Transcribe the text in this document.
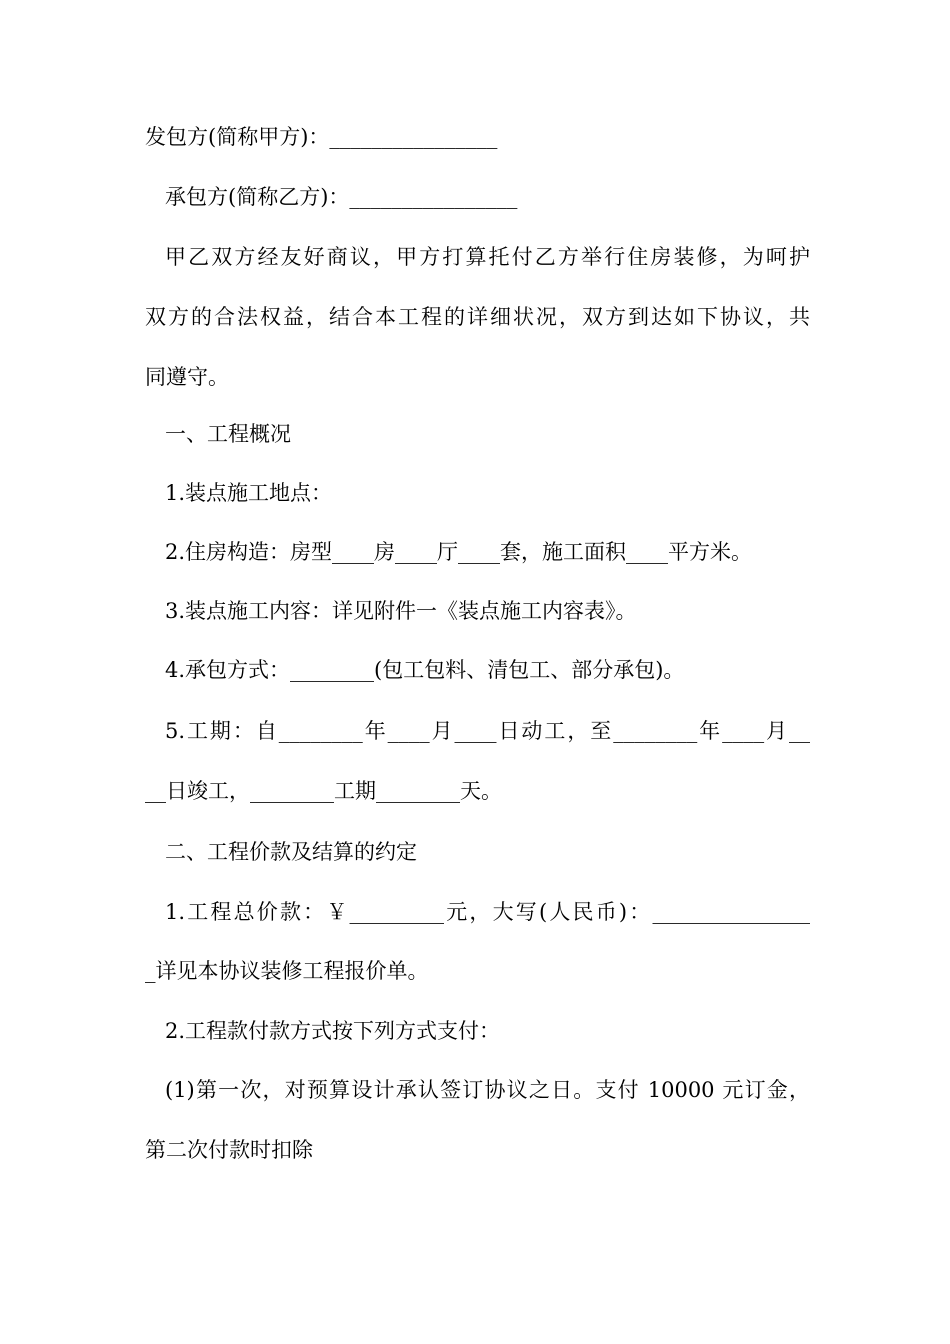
发包方(简称甲方)：________________
承包方(简称乙方)：________________
甲乙双方经友好商议，甲方打算托付乙方举行住房装修，为呵护
双方的合法权益，结合本工程的详细状况，双方到达如下协议，共
同遵守。
一、工程概况
1.装点施工地点：
2.住房构造：房型____房____厅____套，施工面积____平方米。
3.装点施工内容：详见附件一《装点施工内容表》。
4.承包方式：________(包工包料、清包工、部分承包)。
5.工期：自________年____月____日动工，至________年____月__
__日竣工，________工期________天。
二、工程价款及结算的约定
1.工程总价款：￥_________元，大写(人民币)：_______________
_详见本协议装修工程报价单。
2.工程款付款方式按下列方式支付：
(1)第一次，对预算设计承认签订协议之日。支付 10000 元订金，
第二次付款时扣除
